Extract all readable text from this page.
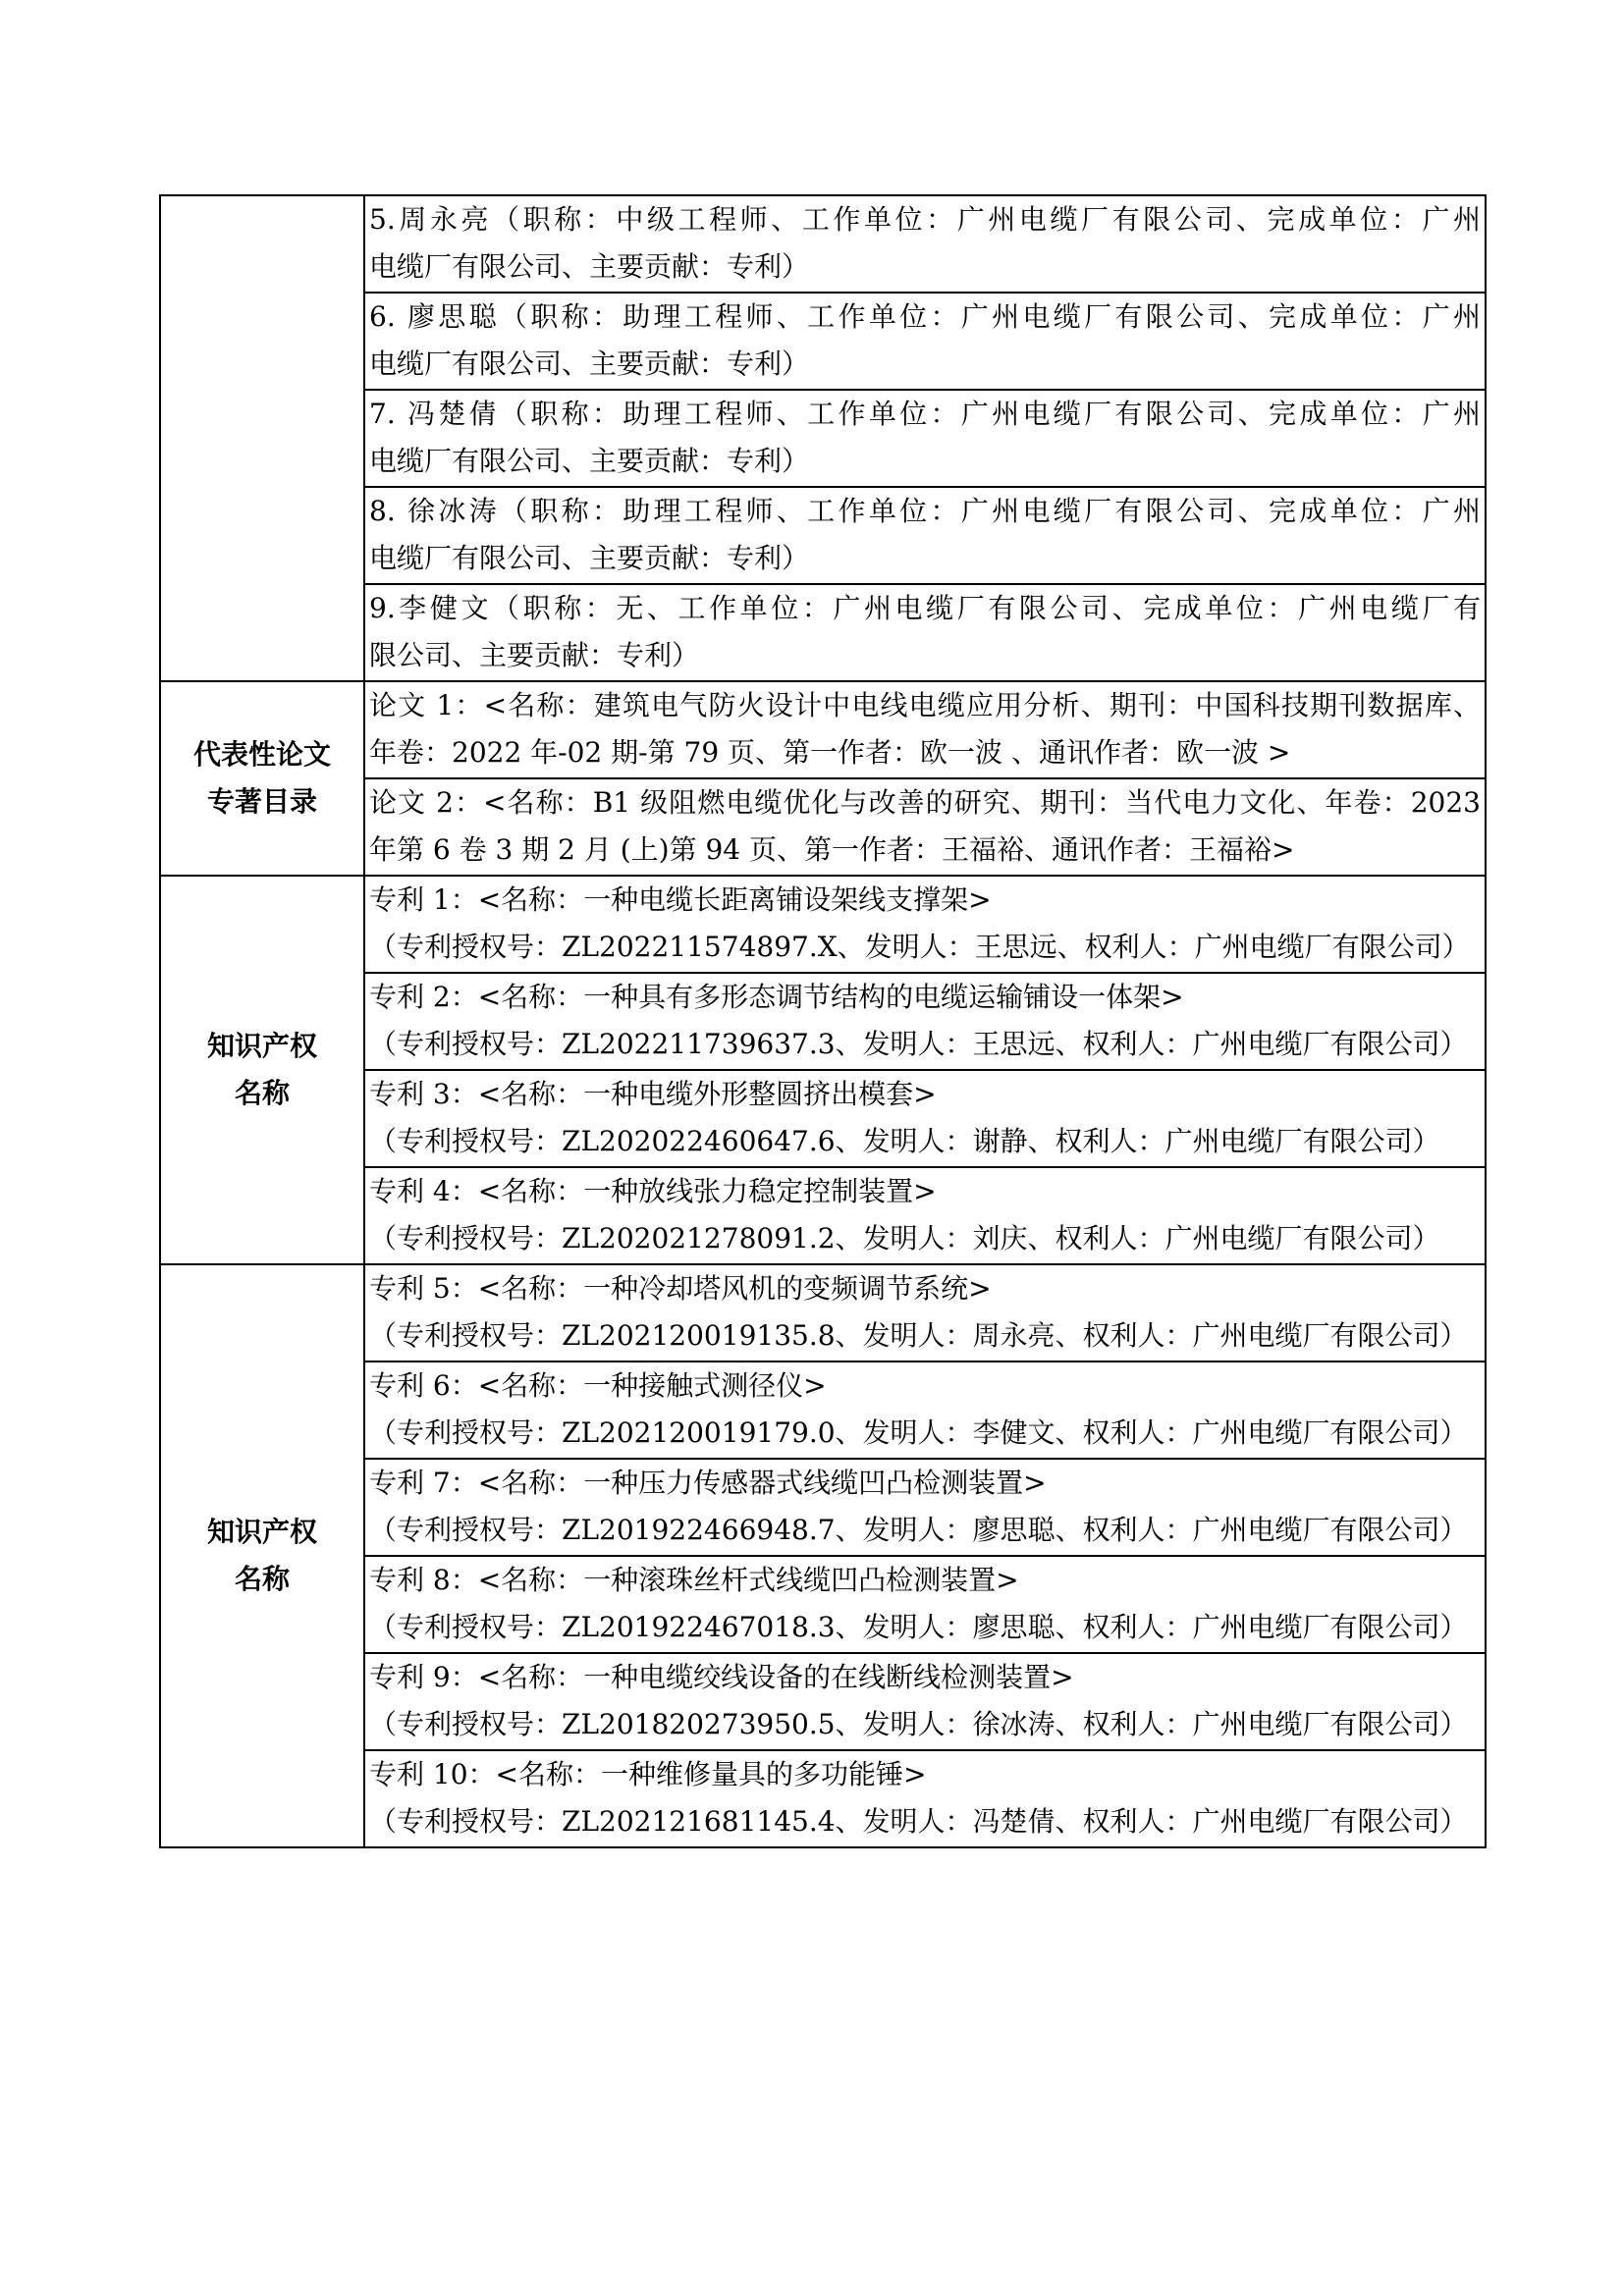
	5.周永亮（职称：中级工程师、工作单位：广州电缆厂有限公司、完成单位：广州
电缆厂有限公司、主要贡献：专利）

	6. 廖思聪（职称：助理工程师、工作单位：广州电缆厂有限公司、完成单位：广州
电缆厂有限公司、主要贡献：专利）

	7. 冯楚倩（职称：助理工程师、工作单位：广州电缆厂有限公司、完成单位：广州
电缆厂有限公司、主要贡献：专利）

	8. 徐冰涛（职称：助理工程师、工作单位：广州电缆厂有限公司、完成单位：广州
电缆厂有限公司、主要贡献：专利）

	9.李健文（职称：无、工作单位：广州电缆厂有限公司、完成单位：广州电缆厂有
限公司、主要贡献：专利）

代表性论文
专著目录	论文 1：<名称：建筑电气防火设计中电线电缆应用分析、期刊：中国科技期刊数据库、
年卷：2022 年-02 期-第 79 页、第一作者：欧一波 、通讯作者：欧一波 >

	论文 2：<名称：B1 级阻燃电缆优化与改善的研究、期刊：当代电力文化、年卷：2023
年第 6 卷 3 期 2 月 (上)第 94 页、第一作者：王福裕、通讯作者：王福裕>

知识产权
名称	专利 1：<名称：一种电缆长距离铺设架线支撑架>
（专利授权号：ZL202211574897.X、发明人：王思远、权利人：广州电缆厂有限公司）

	专利 2：<名称：一种具有多形态调节结构的电缆运输铺设一体架>
（专利授权号：ZL202211739637.3、发明人：王思远、权利人：广州电缆厂有限公司）

	专利 3：<名称：一种电缆外形整圆挤出模套>
（专利授权号：ZL202022460647.6、发明人：谢静、权利人：广州电缆厂有限公司）

	专利 4：<名称：一种放线张力稳定控制装置>
（专利授权号：ZL202021278091.2、发明人：刘庆、权利人：广州电缆厂有限公司）

知识产权
名称	专利 5：<名称：一种冷却塔风机的变频调节系统>
（专利授权号：ZL202120019135.8、发明人：周永亮、权利人：广州电缆厂有限公司）

	专利 6：<名称：一种接触式测径仪>
（专利授权号：ZL202120019179.0、发明人：李健文、权利人：广州电缆厂有限公司）

	专利 7：<名称：一种压力传感器式线缆凹凸检测装置>
（专利授权号：ZL201922466948.7、发明人：廖思聪、权利人：广州电缆厂有限公司）

	专利 8：<名称：一种滚珠丝杆式线缆凹凸检测装置>
（专利授权号：ZL201922467018.3、发明人：廖思聪、权利人：广州电缆厂有限公司）

	专利 9：<名称：一种电缆绞线设备的在线断线检测装置>
（专利授权号：ZL201820273950.5、发明人：徐冰涛、权利人：广州电缆厂有限公司）

	专利 10：<名称：一种维修量具的多功能锤>
（专利授权号：ZL202121681145.4、发明人：冯楚倩、权利人：广州电缆厂有限公司）
